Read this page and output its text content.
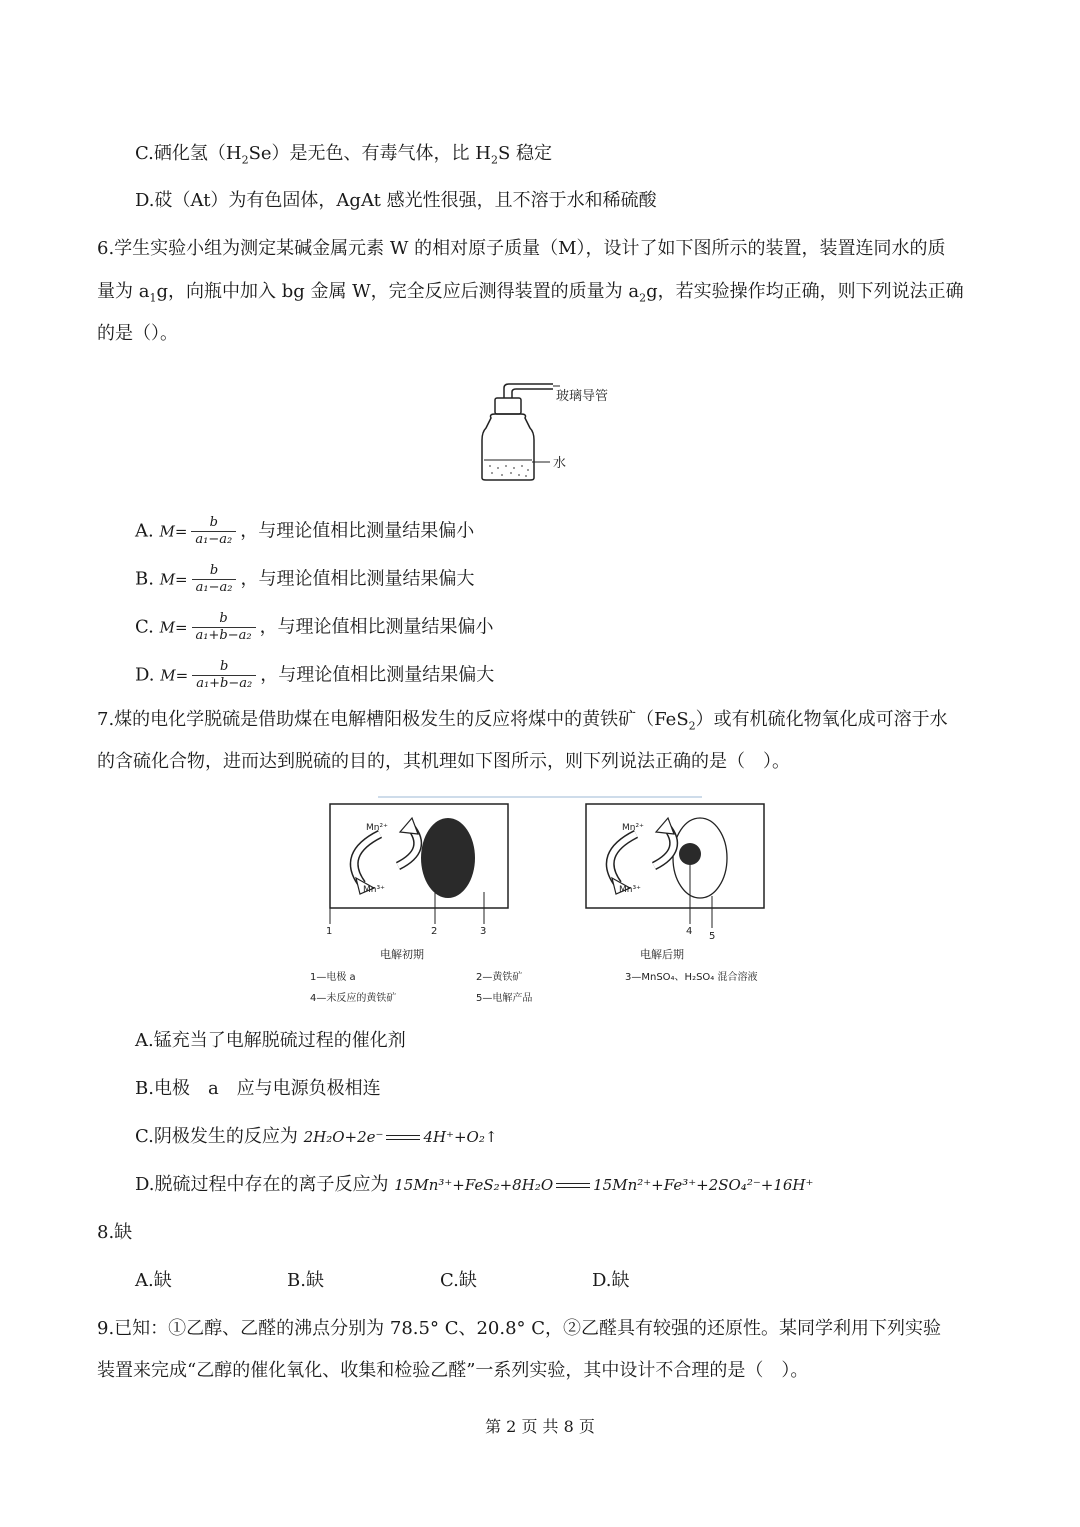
C.硒化氢$(H_2Se)$是无色、有毒气体，比 $H_2S$ 稳定
D.砹（At）为有色固体，AgAt 感光性很强，且不溶于水和稀硫酸
6.学生实验小组为测定某碱金属元素 W 的相对原子质量（M），设计了如下图所示的装置，装置连同水的质
量为 $a_1g$，向瓶中加入 bg 金属 W，完全反应后测得装置的质量为 $a_2g$，若实验操作均正确，则下列说法正确
的是（）。
玻璃导管
水
A. $M= \frac{b}{\text{a₁−a₂}}$ ，与理论值相比测量结果偏小
B. $M= \frac{b}{\text{a₁−a₂}}$ ，与理论值相比测量结果偏大
C. $M= \frac{b}{\text{a₁+b−a₂}}$ ，与理论值相比测量结果偏小
D. $M= \frac{b}{\text{a₁+b−a₂}}$ ，与理论值相比测量结果偏大
7.煤的电化学脱硫是借助煤在电解槽阳极发生的反应将煤中的黄铁矿（FeS$_2$）或有机硫化物氧化成可溶于水
的含硫化合物，进而达到脱硫的目的，其机理如下图所示，则下列说法正确的是（　）。
Mn²⁺
Mn³⁺
1	2	3
电解初期
Mn²⁺
Mn³⁺
4 5
电解后期
1—电极 a	2—黄铁矿	3—MnSO₄、H₂SO₄ 混合溶液
4—未反应的黄铁矿	5—电解产品
A.锰充当了电解脱硫过程的催化剂
B.电极　a　应与电源负极相连
C.阴极发生的反应为 2H₂O+2e⁻	4H⁺+O₂↑
D.脱硫过程中存在的离子反应为 15Mn³⁺+FeS₂+8H₂O	15Mn²⁺+Fe³⁺+2SO₄²⁻+16H⁺
8.缺
A.缺	B.缺	C.缺	D.缺
9.已知：①乙醇、乙醛的沸点分别为 78.5° C、20.8° C，②乙醛具有较强的还原性。某同学利用下列实验
装置来完成“乙醇的催化氧化、收集和检验乙醛”一系列实验，其中设计不合理的是（　）。
第 2 页 共 8 页
